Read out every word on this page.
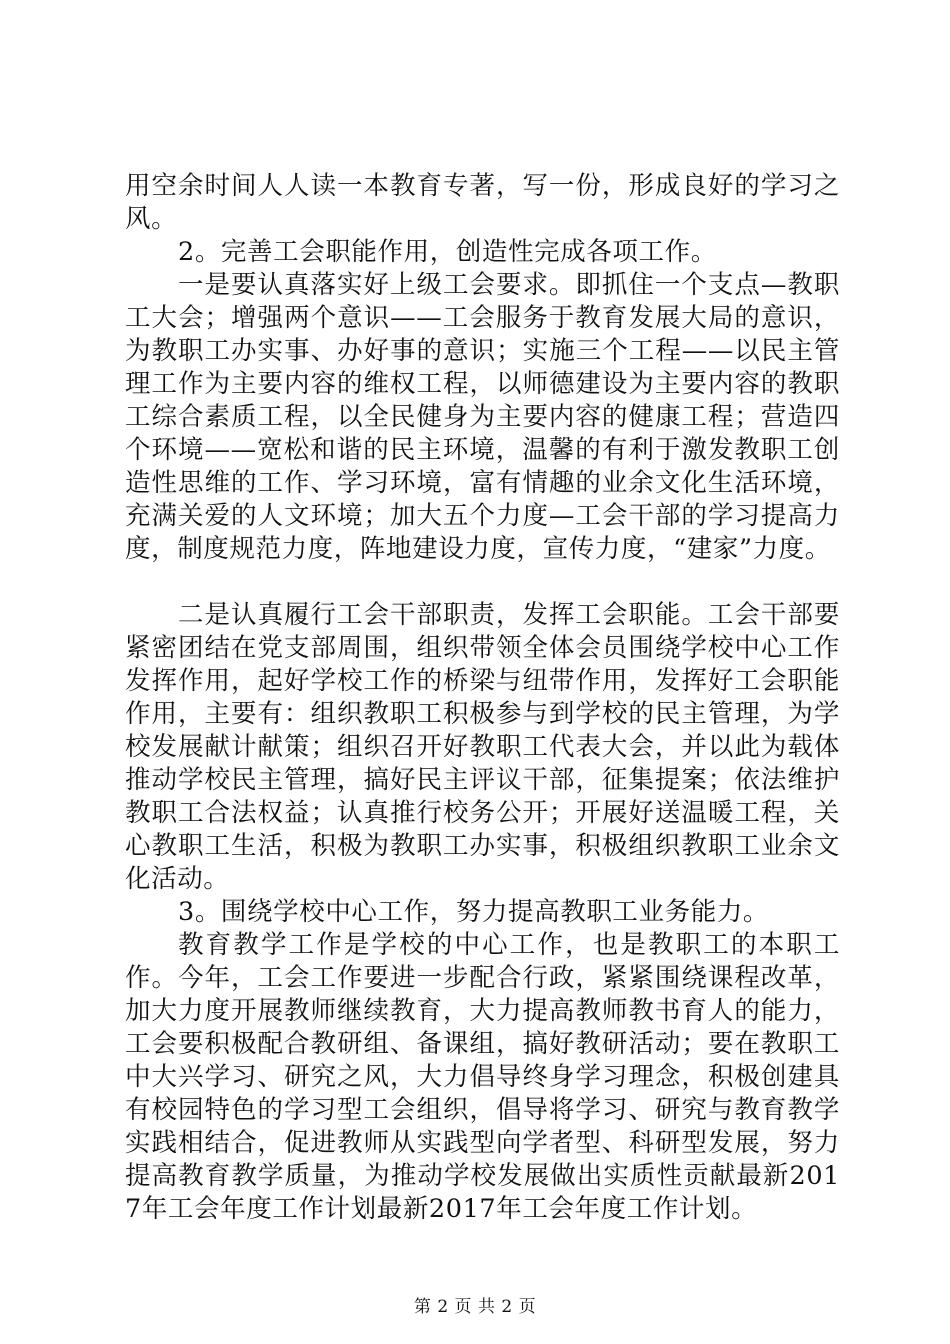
用空余时间人人读一本教育专著，写一份，形成良好的学习之风。

2。完善工会职能作用，创造性完成各项工作。

一是要认真落实好上级工会要求。即抓住一个支点—教职工大会；增强两个意识——工会服务于教育发展大局的意识，为教职工办实事、办好事的意识；实施三个工程——以民主管理工作为主要内容的维权工程，以师德建设为主要内容的教职工综合素质工程，以全民健身为主要内容的健康工程；营造四个环境——宽松和谐的民主环境，温馨的有利于激发教职工创造性思维的工作、学习环境，富有情趣的业余文化生活环境，充满关爱的人文环境；加大五个力度—工会干部的学习提高力度，制度规范力度，阵地建设力度，宣传力度，“建家”力度。

二是认真履行工会干部职责，发挥工会职能。工会干部要紧密团结在党支部周围，组织带领全体会员围绕学校中心工作发挥作用，起好学校工作的桥梁与纽带作用，发挥好工会职能作用，主要有：组织教职工积极参与到学校的民主管理，为学校发展献计献策；组织召开好教职工代表大会，并以此为载体推动学校民主管理，搞好民主评议干部，征集提案；依法维护教职工合法权益；认真推行校务公开；开展好送温暖工程，关心教职工生活，积极为教职工办实事，积极组织教职工业余文化活动。

3。围绕学校中心工作，努力提高教职工业务能力。

教育教学工作是学校的中心工作，也是教职工的本职工作。今年，工会工作要进一步配合行政，紧紧围绕课程改革，加大力度开展教师继续教育，大力提高教师教书育人的能力，工会要积极配合教研组、备课组，搞好教研活动；要在教职工中大兴学习、研究之风，大力倡导终身学习理念，积极创建具有校园特色的学习型工会组织，倡导将学习、研究与教育教学实践相结合，促进教师从实践型向学者型、科研型发展，努力提高教育教学质量，为推动学校发展做出实质性贡献最新2017年工会年度工作计划最新2017年工会年度工作计划。

第 2 页 共 2 页
